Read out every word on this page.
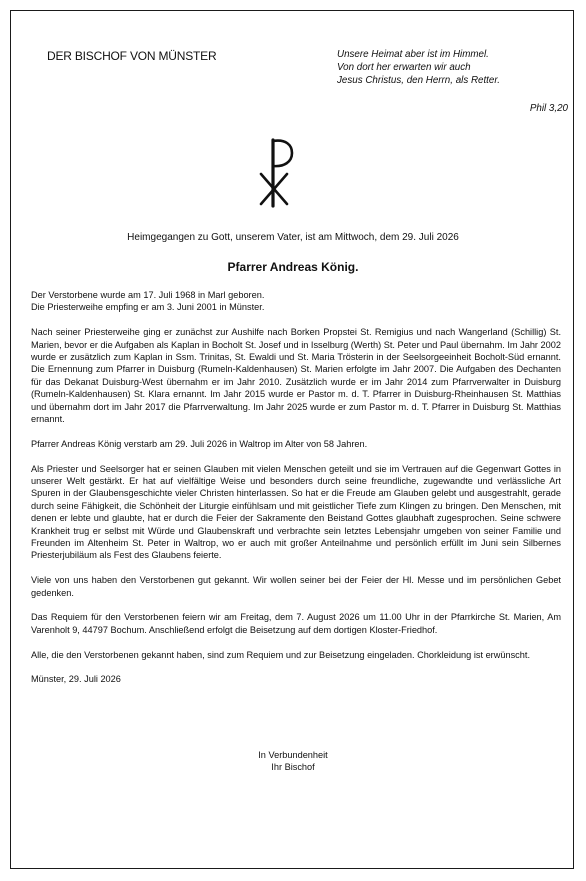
DER BISCHOF VON MÜNSTER	Unsere Heimat aber ist im Himmel.
Von dort her erwarten wir auch
Jesus Christus, den Herrn, als Retter.
Phil 3,20
Heimgegangen zu Gott, unserem Vater, ist am Mittwoch, dem 29. Juli 2026
Pfarrer Andreas König.

Der Verstorbene wurde am 17. Juli 1968 in Marl geboren.
Die Priesterweihe empfing er am 3. Juni 2001 in Münster.

Nach seiner Priesterweihe ging er zunächst zur Aushilfe nach Borken Propstei St. Remigius und nach Wangerland (Schillig) St. Marien, bevor er die Aufgaben als Kaplan in Bocholt St. Josef und in Isselburg (Werth) St. Peter und Paul übernahm. Im Jahr 2002 wurde er zusätzlich zum Kaplan in Ssm. Trinitas, St. Ewaldi und St. Maria Trösterin in der Seelsorgeeinheit Bocholt-Süd ernannt. Die Ernennung zum Pfarrer in Duisburg (Rumeln-Kaldenhausen) St. Marien erfolgte im Jahr 2007. Die Aufgaben des Dechanten für das Dekanat Duisburg-West übernahm er im Jahr 2010. Zusätzlich wurde er im Jahr 2014 zum Pfarrverwalter in Duisburg (Rumeln-Kaldenhausen) St. Klara ernannt. Im Jahr 2015 wurde er Pastor m. d. T. Pfarrer in Duisburg-Rheinhausen St. Matthias und übernahm dort im Jahr 2017 die Pfarrverwaltung. Im Jahr 2025 wurde er zum Pastor m. d. T. Pfarrer in Duisburg St. Matthias ernannt.

Pfarrer Andreas König verstarb am 29. Juli 2026 in Waltrop im Alter von 58 Jahren.

Als Priester und Seelsorger hat er seinen Glauben mit vielen Menschen geteilt und sie im Vertrauen auf die Gegenwart Gottes in unserer Welt gestärkt. Er hat auf vielfältige Weise und besonders durch seine freundliche, zugewandte und verlässliche Art Spuren in der Glaubensgeschichte vieler Christen hinterlassen. So hat er die Freude am Glauben gelebt und ausgestrahlt, gerade durch seine Fähigkeit, die Schönheit der Liturgie einfühlsam und mit geistlicher Tiefe zum Klingen zu bringen. Den Menschen, mit denen er lebte und glaubte, hat er durch die Feier der Sakramente den Beistand Gottes glaubhaft zugesprochen. Seine schwere Krankheit trug er selbst mit Würde und Glaubenskraft und verbrachte sein letztes Lebensjahr umgeben von seiner Familie und Freunden im Altenheim St. Peter in Waltrop, wo er auch mit großer Anteilnahme und persönlich erfüllt im Juni sein Silbernes Priesterjubiläum als Fest des Glaubens feierte.

Viele von uns haben den Verstorbenen gut gekannt. Wir wollen seiner bei der Feier der Hl. Messe und im persönlichen Gebet gedenken.

Das Requiem für den Verstorbenen feiern wir am Freitag, dem 7. August 2026 um 11.00 Uhr in der Pfarrkirche St. Marien, Am Varenholt 9, 44797 Bochum. Anschließend erfolgt die Beisetzung auf dem dortigen Kloster-Friedhof.

Alle, die den Verstorbenen gekannt haben, sind zum Requiem und zur Beisetzung eingeladen. Chorkleidung ist erwünscht.

Münster, 29. Juli 2026

In Verbundenheit
Ihr Bischof
